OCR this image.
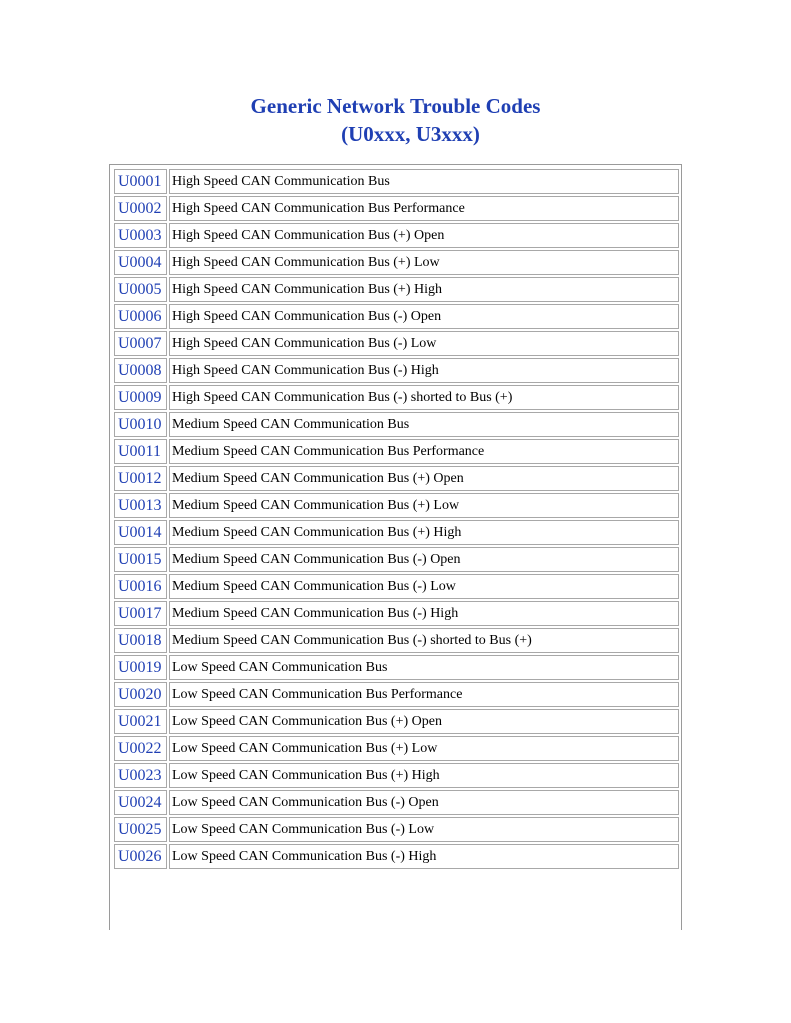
Generic Network Trouble Codes
(U0xxx, U3xxx)
U0001	High Speed CAN Communication Bus
U0002	High Speed CAN Communication Bus Performance
U0003	High Speed CAN Communication Bus (+) Open
U0004	High Speed CAN Communication Bus (+) Low
U0005	High Speed CAN Communication Bus (+) High
U0006	High Speed CAN Communication Bus (-) Open
U0007	High Speed CAN Communication Bus (-) Low
U0008	High Speed CAN Communication Bus (-) High
U0009	High Speed CAN Communication Bus (-) shorted to Bus (+)
U0010	Medium Speed CAN Communication Bus
U0011	Medium Speed CAN Communication Bus Performance
U0012	Medium Speed CAN Communication Bus (+) Open
U0013	Medium Speed CAN Communication Bus (+) Low
U0014	Medium Speed CAN Communication Bus (+) High
U0015	Medium Speed CAN Communication Bus (-) Open
U0016	Medium Speed CAN Communication Bus (-) Low
U0017	Medium Speed CAN Communication Bus (-) High
U0018	Medium Speed CAN Communication Bus (-) shorted to Bus (+)
U0019	Low Speed CAN Communication Bus
U0020	Low Speed CAN Communication Bus Performance
U0021	Low Speed CAN Communication Bus (+) Open
U0022	Low Speed CAN Communication Bus (+) Low
U0023	Low Speed CAN Communication Bus (+) High
U0024	Low Speed CAN Communication Bus (-) Open
U0025	Low Speed CAN Communication Bus (-) Low
U0026	Low Speed CAN Communication Bus (-) High
